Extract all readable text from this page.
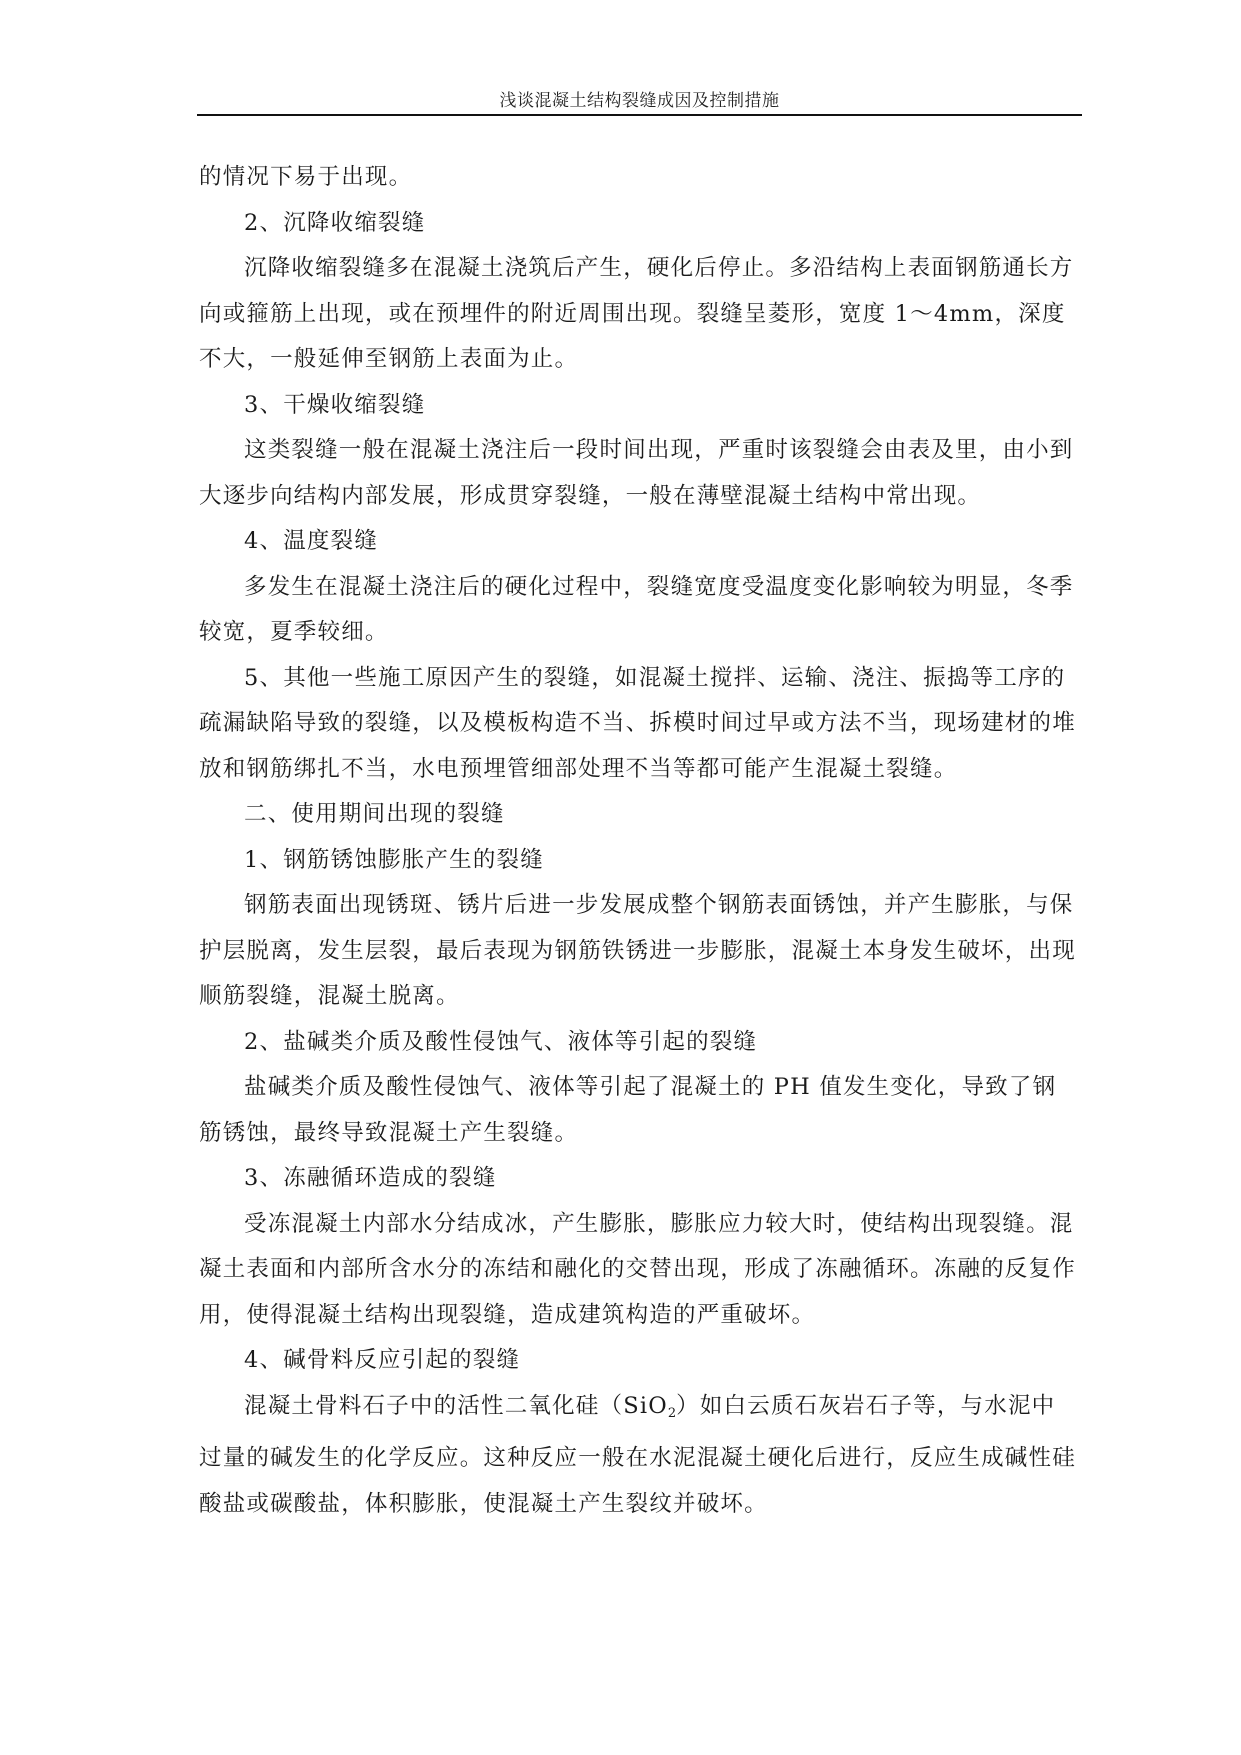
浅谈混凝土结构裂缝成因及控制措施

的情况下易于出现。

2、沉降收缩裂缝

沉降收缩裂缝多在混凝土浇筑后产生，硬化后停止。多沿结构上表面钢筋通长方向或箍筋上出现，或在预埋件的附近周围出现。裂缝呈菱形，宽度 1～4mm，深度不大，一般延伸至钢筋上表面为止。

3、干燥收缩裂缝

这类裂缝一般在混凝土浇注后一段时间出现，严重时该裂缝会由表及里，由小到大逐步向结构内部发展，形成贯穿裂缝，一般在薄壁混凝土结构中常出现。

4、温度裂缝

多发生在混凝土浇注后的硬化过程中，裂缝宽度受温度变化影响较为明显，冬季较宽，夏季较细。

5、其他一些施工原因产生的裂缝，如混凝土搅拌、运输、浇注、振捣等工序的疏漏缺陷导致的裂缝，以及模板构造不当、拆模时间过早或方法不当，现场建材的堆放和钢筋绑扎不当，水电预埋管细部处理不当等都可能产生混凝土裂缝。

二、使用期间出现的裂缝

1、钢筋锈蚀膨胀产生的裂缝

钢筋表面出现锈斑、锈片后进一步发展成整个钢筋表面锈蚀，并产生膨胀，与保护层脱离，发生层裂，最后表现为钢筋铁锈进一步膨胀，混凝土本身发生破坏，出现顺筋裂缝，混凝土脱离。

2、盐碱类介质及酸性侵蚀气、液体等引起的裂缝

盐碱类介质及酸性侵蚀气、液体等引起了混凝土的 PH 值发生变化，导致了钢筋锈蚀，最终导致混凝土产生裂缝。

3、冻融循环造成的裂缝

受冻混凝土内部水分结成冰，产生膨胀，膨胀应力较大时，使结构出现裂缝。混凝土表面和内部所含水分的冻结和融化的交替出现，形成了冻融循环。冻融的反复作用，使得混凝土结构出现裂缝，造成建筑构造的严重破坏。

4、碱骨料反应引起的裂缝

混凝土骨料石子中的活性二氧化硅（SiO$_2$）如白云质石灰岩石子等，与水泥中过量的碱发生的化学反应。这种反应一般在水泥混凝土硬化后进行，反应生成碱性硅酸盐或碳酸盐，体积膨胀，使混凝土产生裂纹并破坏。
